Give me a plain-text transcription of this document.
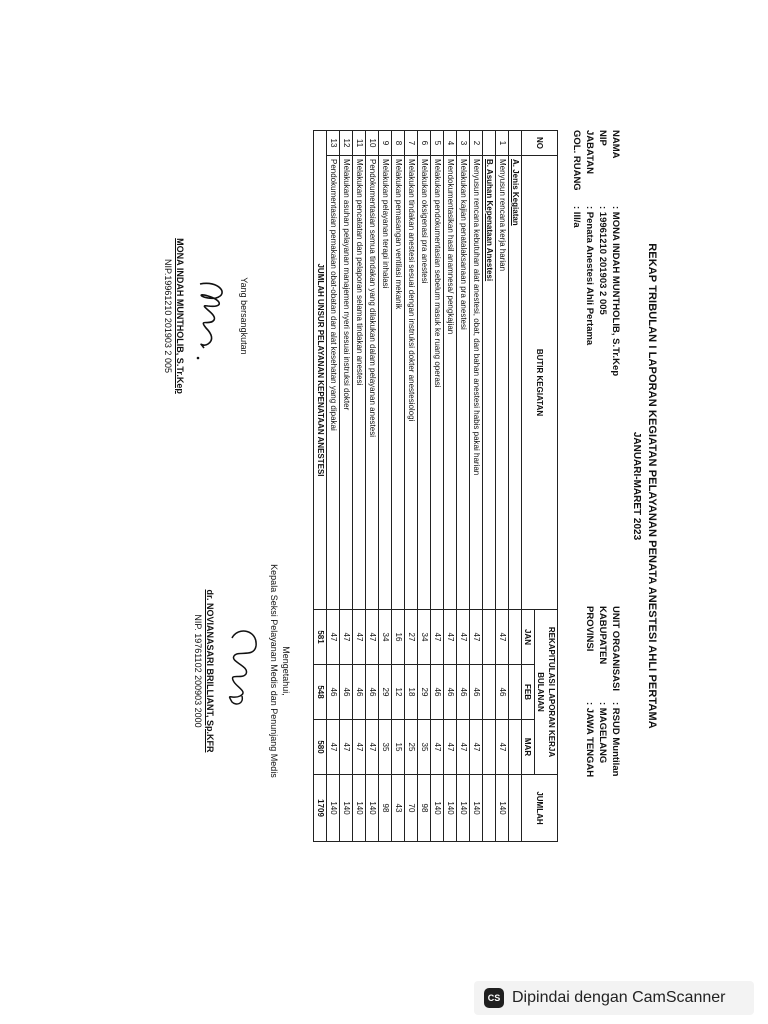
REKAP TRIBULAN I LAPORAN KEGIATAN PELAYANAN PENATA ANESTESI AHLI PERTAMA
JANUARI-MARET 2023
NAMA: MONA INDAH MUNTHOLIB, S.Tr.Kep
NIP: 19961210 201903 2 005
JABATAN: Penata Anestesi Ahli Pertama
GOL. RUANG: III/a
UNIT ORGANISASI: RSUD Muntilan
KABUPATEN: MAGELANG
PROVINSI: JAWA TENGAH
NO	BUTIR KEGIATAN	REKAPITULASI LAPORAN KERJA BULANAN			JUMLAH
		JAN	FEB	MAR	
	A. Jenis Kegiatan				
1	Menyusun rencana kerja harian	47	46	47	140
	B. Asuhan Kepenataan Anestesi				
2	Menyusun rencana kebutuhan alat anestesi, obat, dan bahan anestesi habis pakai harian	47	46	47	140
3	Melakukan kajian penatalaksanaan pra anestesi	47	46	47	140
4	Mendokumentasikan hasil anamnesa/ pengkajian	47	46	47	140
5	Melakukan pendokumentasian sebelum masuk ke ruang operasi	47	46	47	140
6	Melakukan oksigenasi pra anestesi	34	29	35	98
7	Melakukan tindakan anestesi sesuai dengan instruksi dokter anestesiologi	27	18	25	70
8	Melakukan pemasangan ventilasi mekanik	16	12	15	43
9	Melakukan pelayanan terapi inhalasi	34	29	35	98
10	Pendokumentasian semua tindakan yang dilakukan dalam pelayanan anestesi	47	46	47	140
11	Melakukan pencatatan dan pelaporan selama tindakan anestesi	47	46	47	140
12	Melakukan asuhan pelayanan manajemen nyeri sesuai instruksi dokter	47	46	47	140
13	Pendokumentasian pemakaian obat-obatan dan alat kesehatan yang dipakai	47	46	47	140
JUMLAH UNSUR PELAYANAN KEPENATAAN ANESTESI		581	548	580	1709
Yang bersangkutan
MONA INDAH MUNTHOLIB, S.Tr.Kep
NIP.19961210 201903 2 005
Mengetahui,
Kepala Seksi Pelayanan Medis dan Penunjang Medis
dr. NOVIANASARI BRILLIANT, Sp.KFR
NIP. 19761102 200903 2000
CS Dipindai dengan CamScanner
